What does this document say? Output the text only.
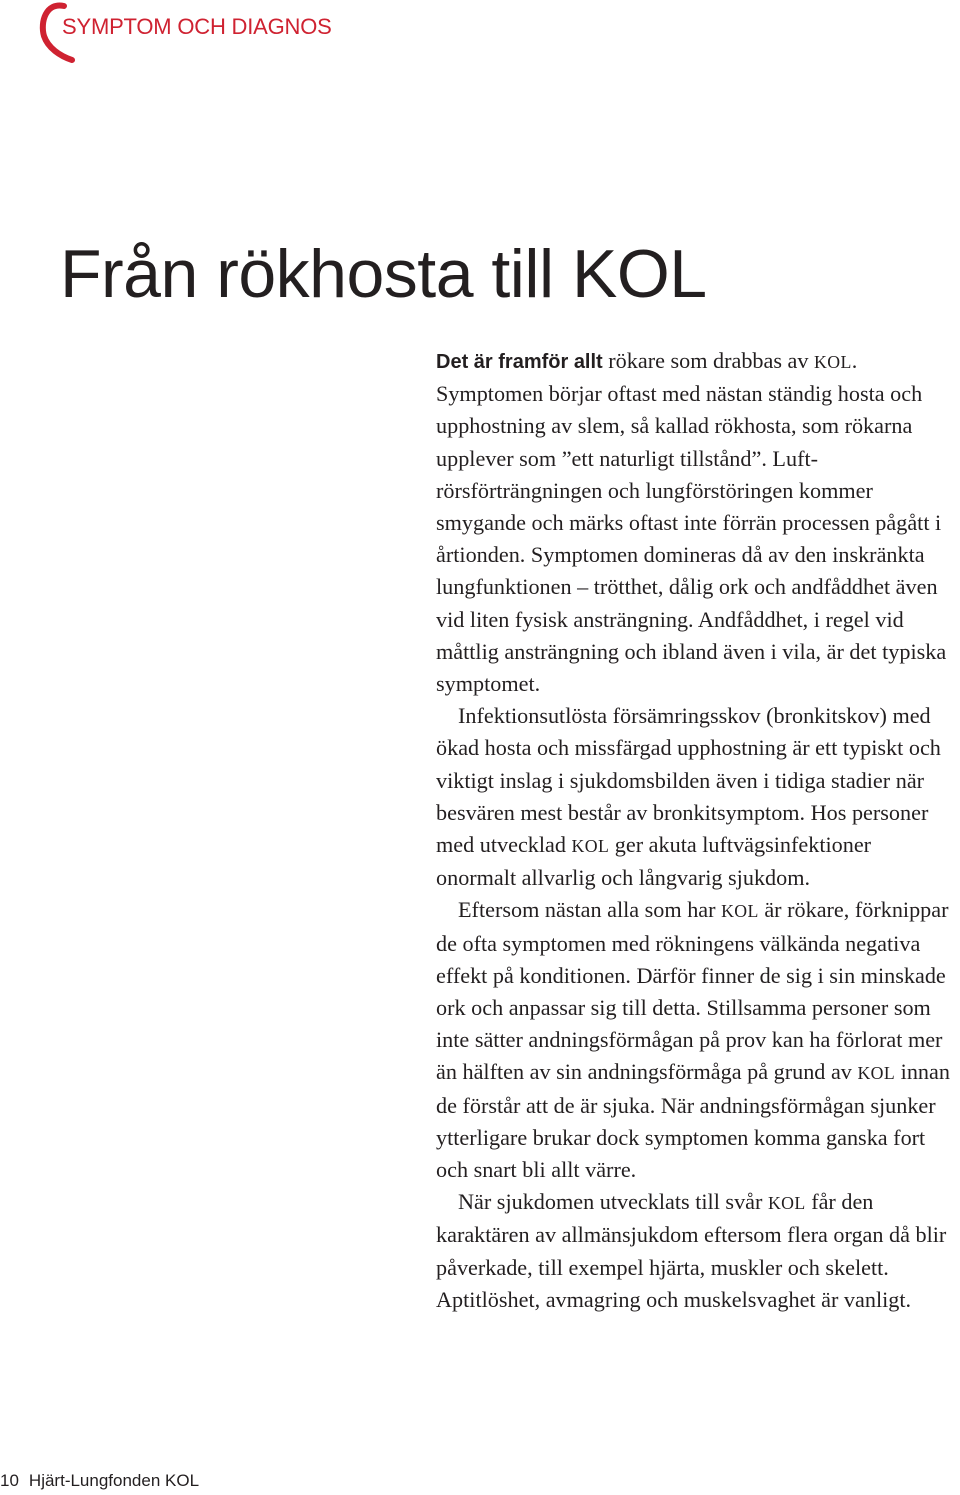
SYMPTOM OCH DIAGNOS
Från rökhosta till KOL

Det är framför allt rökare som drabbas av KOL. Symptomen börjar oftast med nästan ständig hosta och upphostning av slem, så kallad rökhosta, som rökarna upplever som ”ett naturligt tillstånd”. Luftrörsförträngningen och lungförstöringen kommer smygande och märks oftast inte förrän processen pågått i årtionden. Symptomen domineras då av den inskränkta lungfunktionen – trötthet, dålig ork och andfåddhet även vid liten fysisk ansträngning. Andfåddhet, i regel vid måttlig ansträngning och ibland även i vila, är det typiska symptomet.

Infektionsutlösta försämringsskov (bronkitskov) med ökad hosta och missfärgad upphostning är ett typiskt och viktigt inslag i sjukdomsbilden även i tidiga stadier när besvären mest består av bronkitsymptom. Hos personer med utvecklad KOL ger akuta luftvägsinfektioner onormalt allvarlig och långvarig sjukdom.

Eftersom nästan alla som har KOL är rökare, förknippar de ofta symptomen med rökningens välkända negativa effekt på konditionen. Därför finner de sig i sin minskade ork och anpassar sig till detta. Stillsamma personer som inte sätter andningsförmågan på prov kan ha förlorat mer än hälften av sin andningsförmåga på grund av KOL innan de förstår att de är sjuka. När andningsförmågan sjunker ytterligare brukar dock symptomen komma ganska fort och snart bli allt värre.

När sjukdomen utvecklats till svår KOL får den karaktären av allmänsjukdom eftersom flera organ då blir påverkade, till exempel hjärta, muskler och skelett. Aptitlöshet, avmagring och muskelsvaghet är vanligt.

10 Hjärt-Lungfonden KOL
